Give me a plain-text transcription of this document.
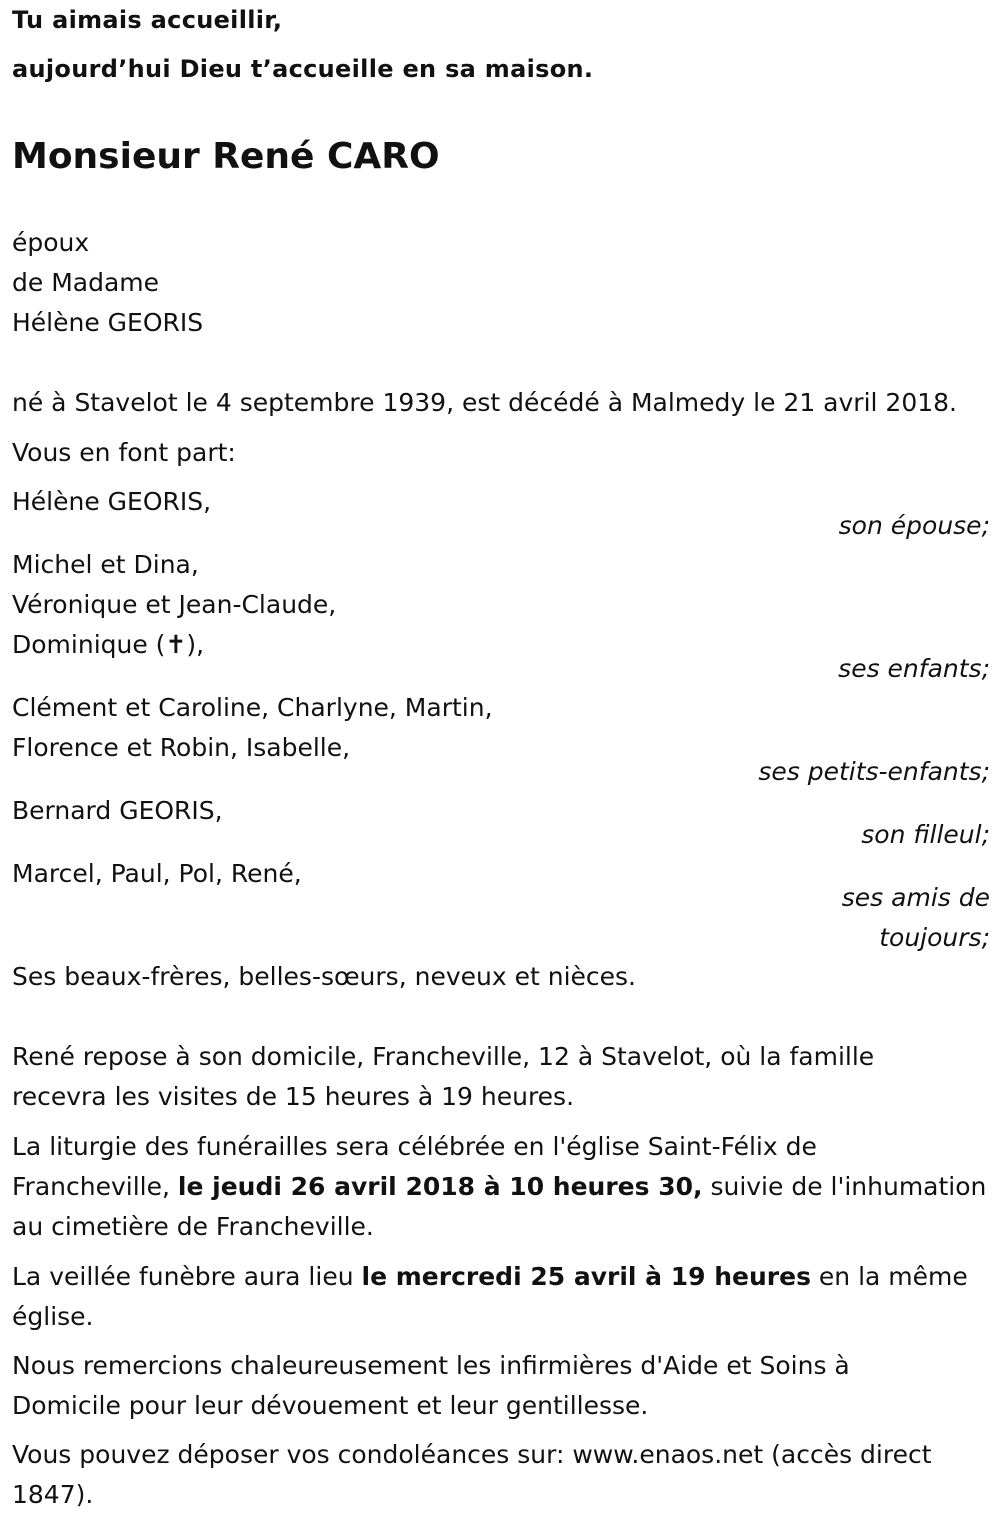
Tu aimais accueillir,
aujourd’hui Dieu t’accueille en sa maison.
Monsieur René CARO
époux
de Madame
Hélène GEORIS
né à Stavelot le 4 septembre 1939, est décédé à Malmedy le 21 avril 2018.
Vous en font part:
Hélène GEORIS,
son épouse;
Michel et Dina,
Véronique et Jean-Claude,
Dominique (✝),
ses enfants;
Clément et Caroline, Charlyne, Martin,
Florence et Robin, Isabelle,
ses petits-enfants;
Bernard GEORIS,
son filleul;
Marcel, Paul, Pol, René,
ses amis de
toujours;
Ses beaux-frères, belles-sœurs, neveux et nièces.
René repose à son domicile, Francheville, 12 à Stavelot, où la famille
recevra les visites de 15 heures à 19 heures.
La liturgie des funérailles sera célébrée en l'église Saint-Félix de
Francheville, le jeudi 26 avril 2018 à 10 heures 30, suivie de l'inhumation
au cimetière de Francheville.
La veillée funèbre aura lieu le mercredi 25 avril à 19 heures en la même
église.
Nous remercions chaleureusement les infirmières d'Aide et Soins à
Domicile pour leur dévouement et leur gentillesse.
Vous pouvez déposer vos condoléances sur: www.enaos.net (accès direct
1847).
